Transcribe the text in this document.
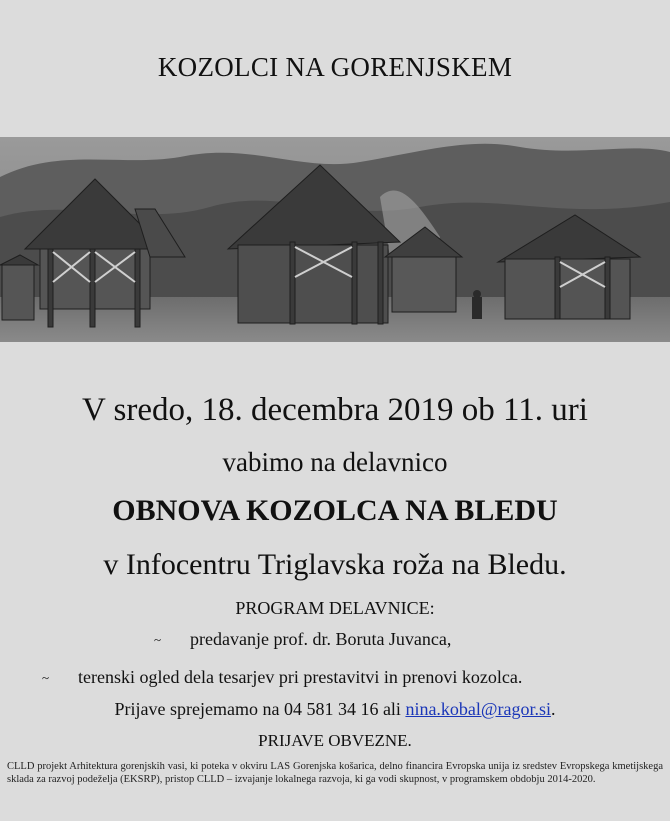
KOZOLCI NA GORENJSKEM
V sredo, 18. decembra 2019 ob 11. uri
vabimo na delavnico
OBNOVA KOZOLCA NA BLEDU
v Infocentru Triglavska roža na Bledu.
PROGRAM DELAVNICE:
~ predavanje prof. dr. Boruta Juvanca,
~ terenski ogled dela tesarjev pri prestavitvi in prenovi kozolca.
Prijave sprejemamo na 04 581 34 16 ali nina.kobal@ragor.si.
PRIJAVE OBVEZNE.
CLLD projekt Arhitektura gorenjskih vasi, ki poteka v okviru LAS Gorenjska košarica, delno financira Evropska unija iz sredstev Evropskega kmetijskega sklada za razvoj podeželja (EKSRP), pristop CLLD – izvajanje lokalnega razvoja, ki ga vodi skupnost, v programskem obdobju 2014-2020.
